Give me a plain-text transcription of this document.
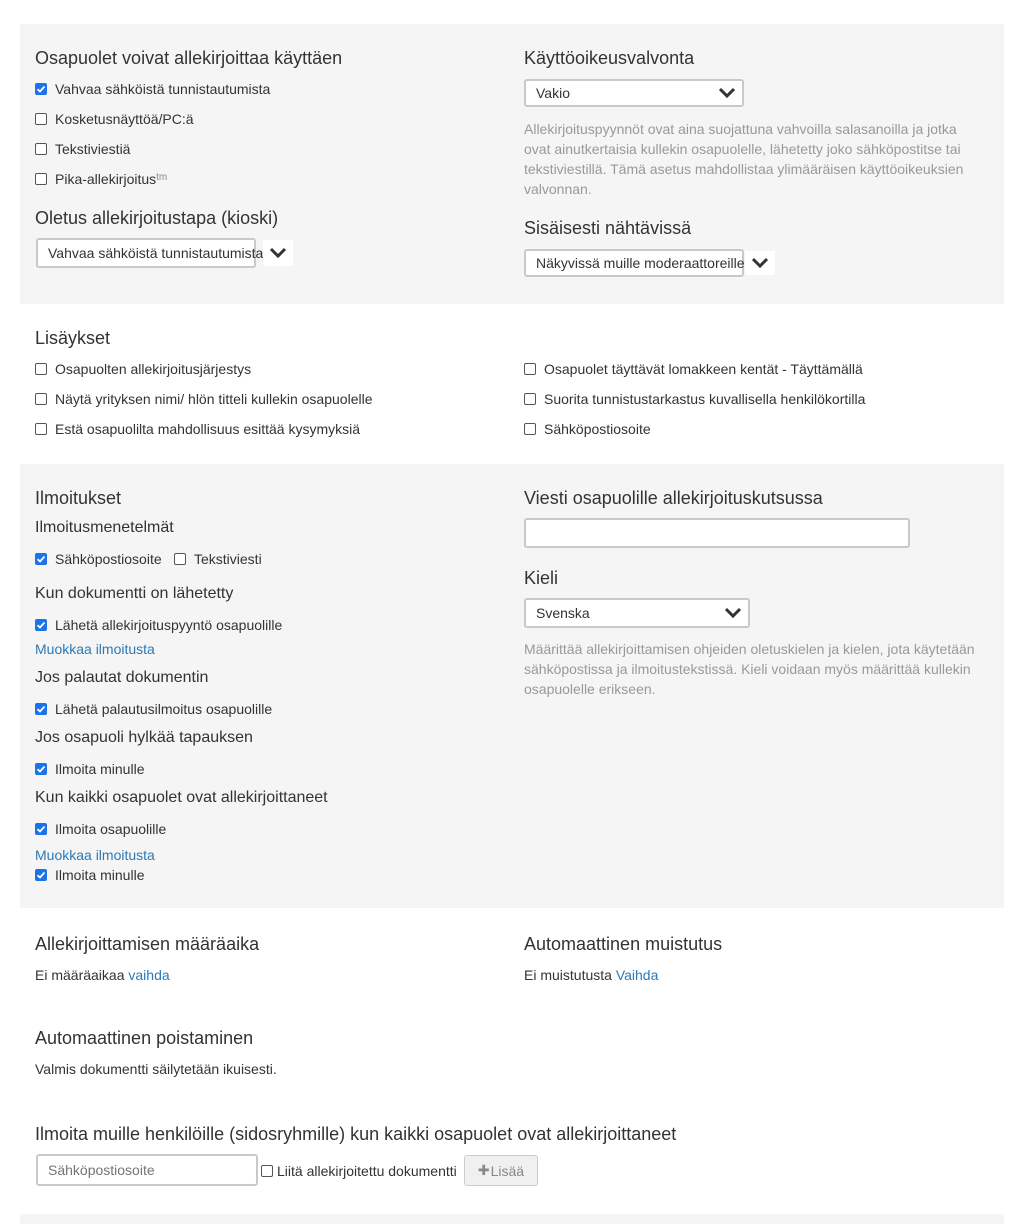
Osapuolet voivat allekirjoittaa käyttäen
Vahvaa sähköistä tunnistautumista
Kosketusnäyttöä/PC:ä
Tekstiviestiä
Pika-allekirjoitus$^{tm}$
Oletus allekirjoitustapa (kioski)
Vahvaa sähköistä tunnistautumista
Käyttöoikeusvalvonta
Vakio
Allekirjoituspyynnöt ovat aina suojattuna vahvoilla salasanoilla ja jotka ovat ainutkertaisia kullekin osapuolelle, lähetetty joko sähköpostitse tai tekstiviestillä. Tämä asetus mahdollistaa ylimääräisen käyttöoikeuksien valvonnan.
Sisäisesti nähtävissä
Näkyvissä muille moderaattoreille
Lisäykset
Osapuolten allekirjoitusjärjestys
Näytä yrityksen nimi/ hlön titteli kullekin osapuolelle
Estä osapuolilta mahdollisuus esittää kysymyksiä
Osapuolet täyttävät lomakkeen kentät - Täyttämällä
Suorita tunnistustarkastus kuvallisella henkilökortilla
Sähköpostiosoite
Ilmoitukset
Ilmoitusmenetelmät
Sähköpostiosoite Tekstiviesti
Kun dokumentti on lähetetty
Lähetä allekirjoituspyyntö osapuolille
Muokkaa ilmoitusta
Jos palautat dokumentin
Lähetä palautusilmoitus osapuolille
Jos osapuoli hylkää tapauksen
Ilmoita minulle
Kun kaikki osapuolet ovat allekirjoittaneet
Ilmoita osapuolille
Muokkaa ilmoitusta
Ilmoita minulle
Viesti osapuolille allekirjoituskutsussa
Kieli
Svenska
Määrittää allekirjoittamisen ohjeiden oletuskielen ja kielen, jota käytetään sähköpostissa ja ilmoitustekstissä. Kieli voidaan myös määrittää kullekin osapuolelle erikseen.
Allekirjoittamisen määräaika
Ei määräaikaa vaihda
Automaattinen muistutus
Ei muistutusta Vaihda
Automaattinen poistaminen
Valmis dokumentti säilytetään ikuisesti.
Ilmoita muille henkilöille (sidosryhmille) kun kaikki osapuolet ovat allekirjoittaneet
Sähköpostiosoite
Liitä allekirjoitettu dokumentti ✚ Lisää
